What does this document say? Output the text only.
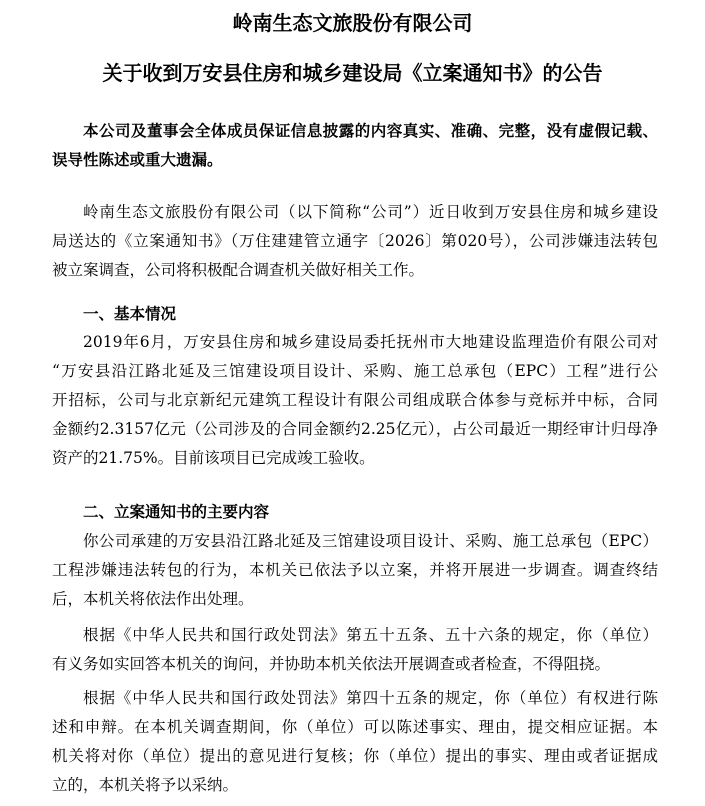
岭南生态文旅股份有限公司
关于收到万安县住房和城乡建设局《立案通知书》的公告
本公司及董事会全体成员保证信息披露的内容真实、准确、完整，没有虚假记载、
误导性陈述或重大遗漏。
岭南生态文旅股份有限公司（以下简称“公司”）近日收到万安县住房和城乡建设
局送达的《立案通知书》（万住建建管立通字〔2026〕第020号），公司涉嫌违法转包
被立案调查，公司将积极配合调查机关做好相关工作。
一、基本情况
2019年6月，万安县住房和城乡建设局委托抚州市大地建设监理造价有限公司对
“万安县沿江路北延及三馆建设项目设计、采购、施工总承包（EPC）工程”进行公
开招标，公司与北京新纪元建筑工程设计有限公司组成联合体参与竞标并中标，合同
金额约2.3157亿元（公司涉及的合同金额约2.25亿元），占公司最近一期经审计归母净
资产的21.75%。目前该项目已完成竣工验收。
二、立案通知书的主要内容
你公司承建的万安县沿江路北延及三馆建设项目设计、采购、施工总承包（EPC）
工程涉嫌违法转包的行为，本机关已依法予以立案，并将开展进一步调查。调查终结
后，本机关将依法作出处理。
根据《中华人民共和国行政处罚法》第五十五条、五十六条的规定，你（单位）
有义务如实回答本机关的询问，并协助本机关依法开展调查或者检查，不得阻挠。
根据《中华人民共和国行政处罚法》第四十五条的规定，你（单位）有权进行陈
述和申辩。在本机关调查期间，你（单位）可以陈述事实、理由，提交相应证据。本
机关将对你（单位）提出的意见进行复核；你（单位）提出的事实、理由或者证据成
立的，本机关将予以采纳。
